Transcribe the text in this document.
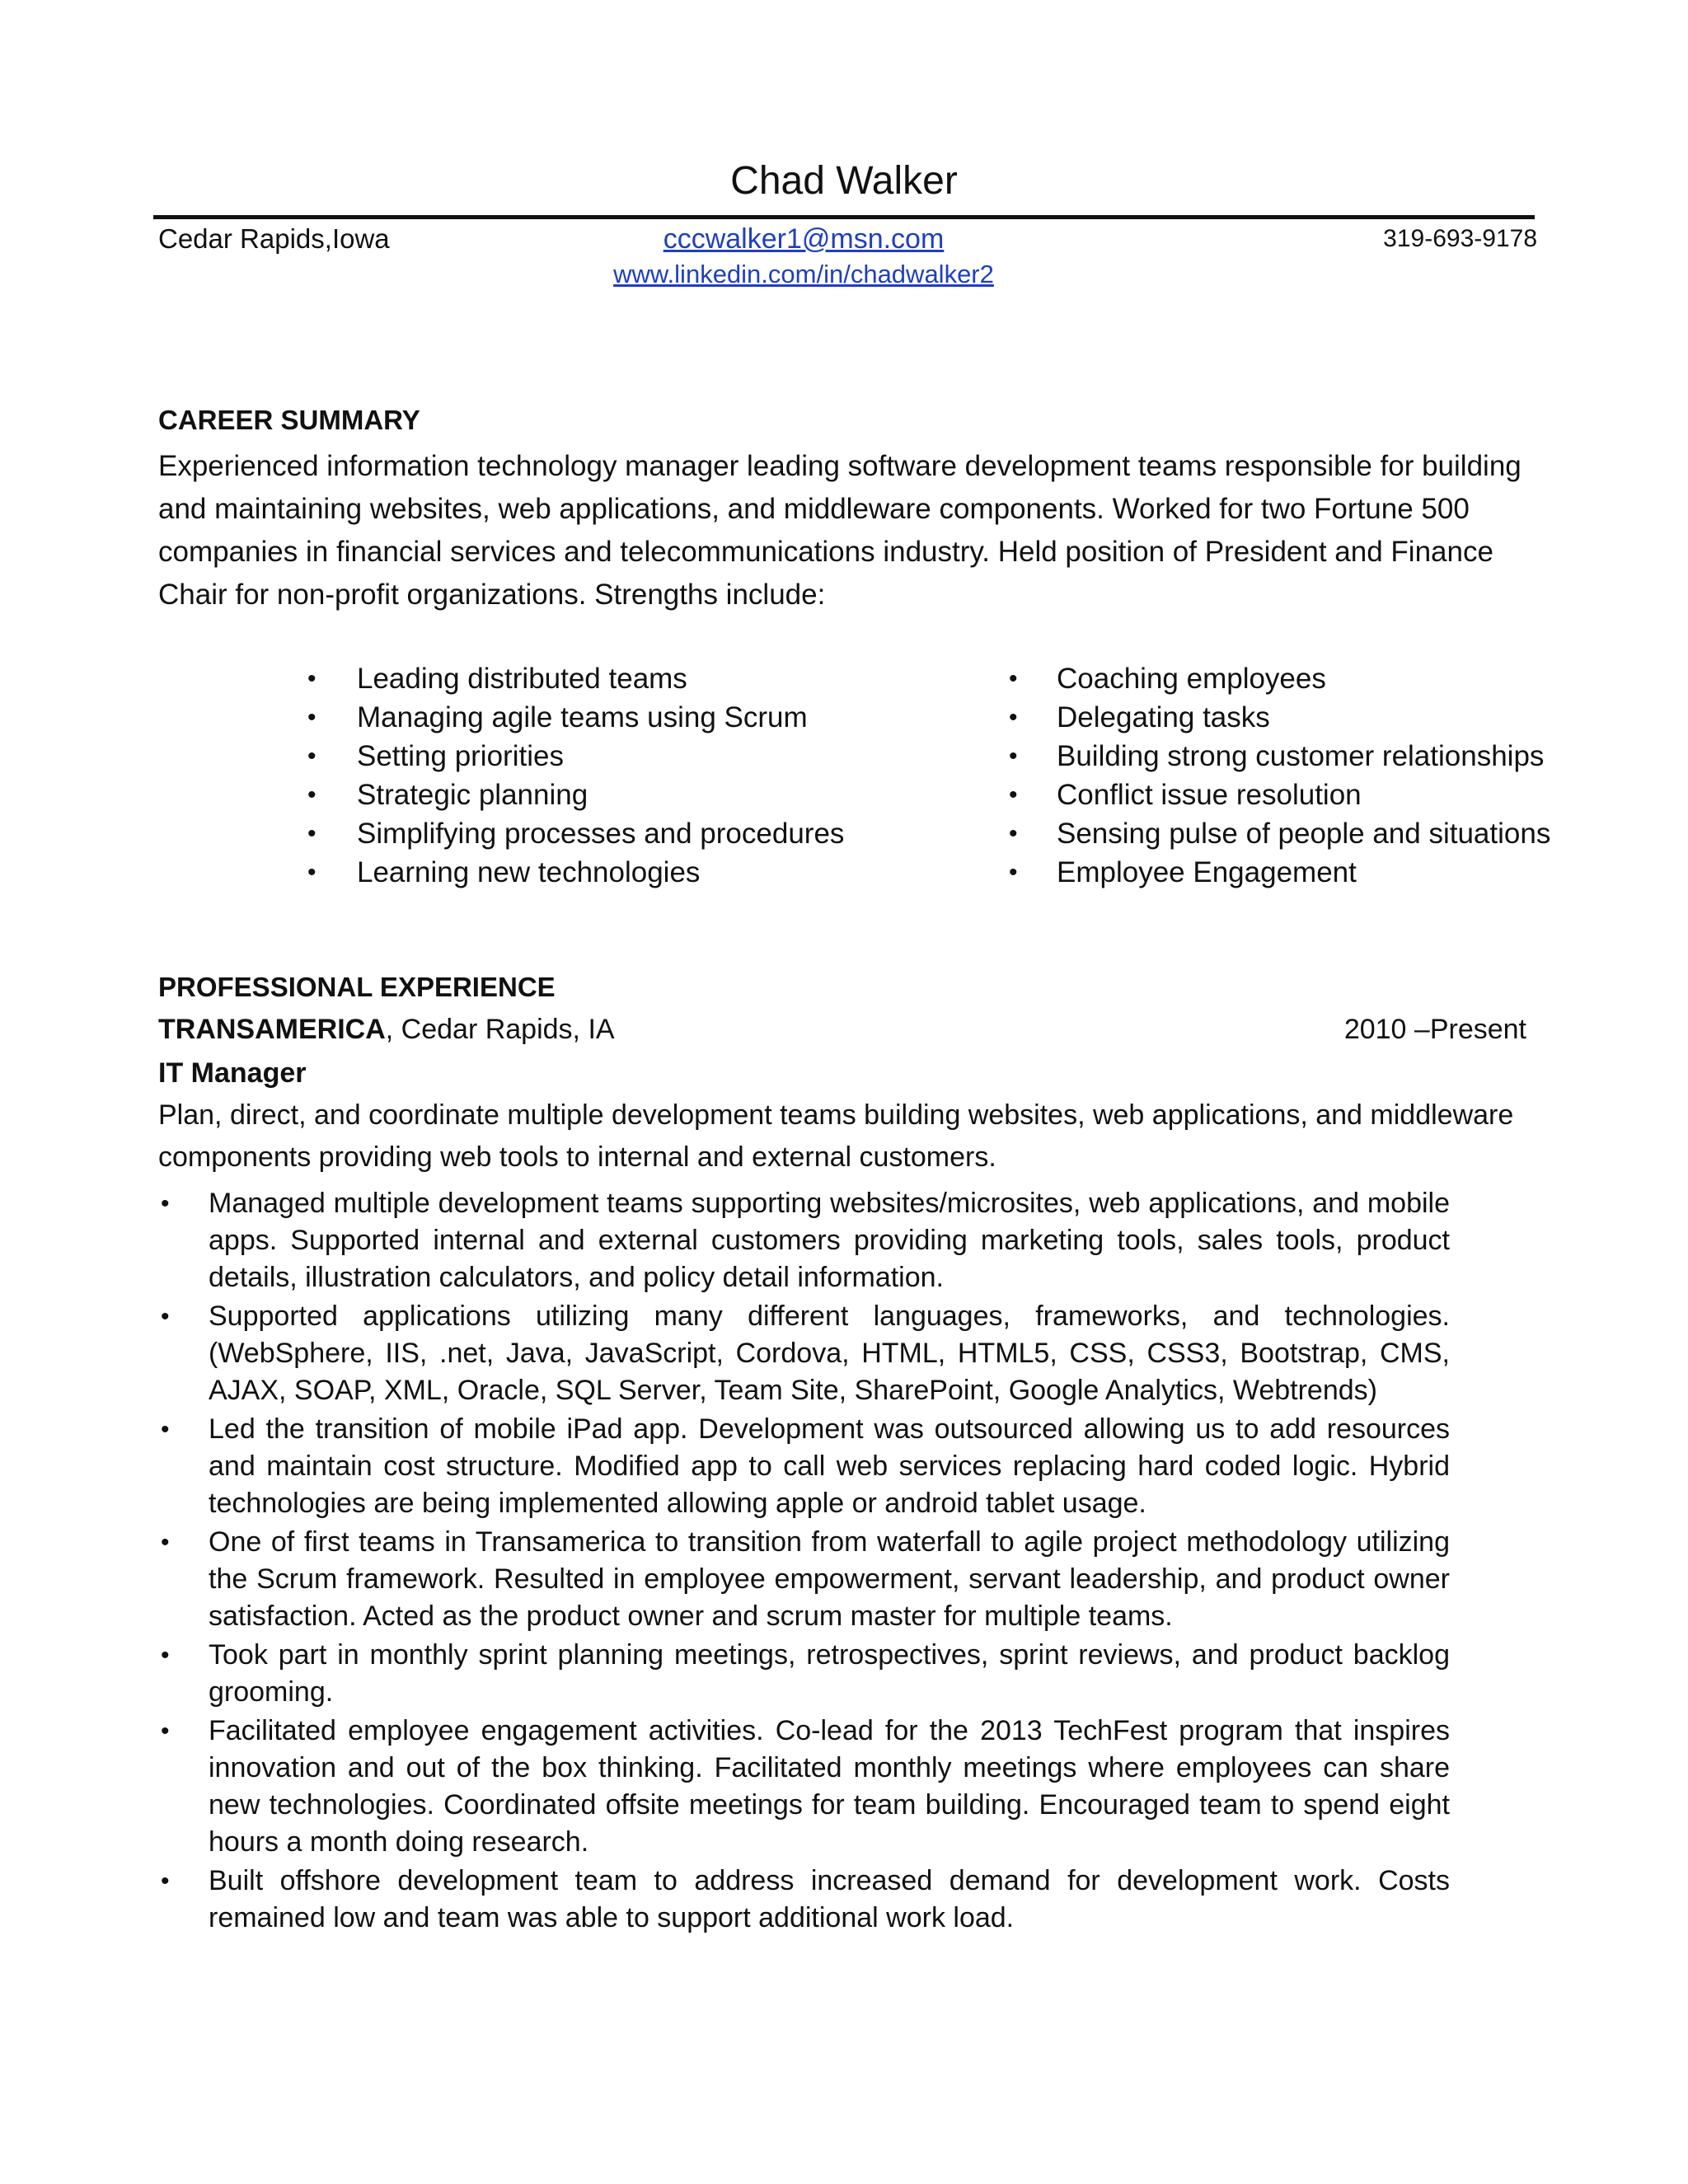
Chad Walker
Cedar Rapids,Iowa	cccwalker1@msn.com	319-693-9178
www.linkedin.com/in/chadwalker2
CAREER SUMMARY

Experienced information technology manager leading software development teams responsible for building and maintaining websites, web applications, and middleware components. Worked for two Fortune 500 companies in financial services and telecommunications industry. Held position of President and Finance Chair for non-profit organizations. Strengths include:

• Leading distributed teams
• Managing agile teams using Scrum
• Setting priorities
• Strategic planning
• Simplifying processes and procedures
• Learning new technologies
• Coaching employees
• Delegating tasks
• Building strong customer relationships
• Conflict issue resolution
• Sensing pulse of people and situations
• Employee Engagement
PROFESSIONAL EXPERIENCE
TRANSAMERICA, Cedar Rapids, IA	2010 –Present
IT Manager

Plan, direct, and coordinate multiple development teams building websites, web applications, and middleware components providing web tools to internal and external customers.

• Managed multiple development teams supporting websites/microsites, web applications, and mobile apps. Supported internal and external customers providing marketing tools, sales tools, product details, illustration calculators, and policy detail information.
• Supported applications utilizing many different languages, frameworks, and technologies. (WebSphere, IIS, .net, Java, JavaScript, Cordova, HTML, HTML5, CSS, CSS3, Bootstrap, CMS, AJAX, SOAP, XML, Oracle, SQL Server, Team Site, SharePoint, Google Analytics, Webtrends)
• Led the transition of mobile iPad app. Development was outsourced allowing us to add resources and maintain cost structure. Modified app to call web services replacing hard coded logic. Hybrid technologies are being implemented allowing apple or android tablet usage.
• One of first teams in Transamerica to transition from waterfall to agile project methodology utilizing the Scrum framework. Resulted in employee empowerment, servant leadership, and product owner satisfaction. Acted as the product owner and scrum master for multiple teams.
• Took part in monthly sprint planning meetings, retrospectives, sprint reviews, and product backlog grooming.
• Facilitated employee engagement activities. Co-lead for the 2013 TechFest program that inspires innovation and out of the box thinking. Facilitated monthly meetings where employees can share new technologies. Coordinated offsite meetings for team building. Encouraged team to spend eight hours a month doing research.
• Built offshore development team to address increased demand for development work. Costs remained low and team was able to support additional work load.
